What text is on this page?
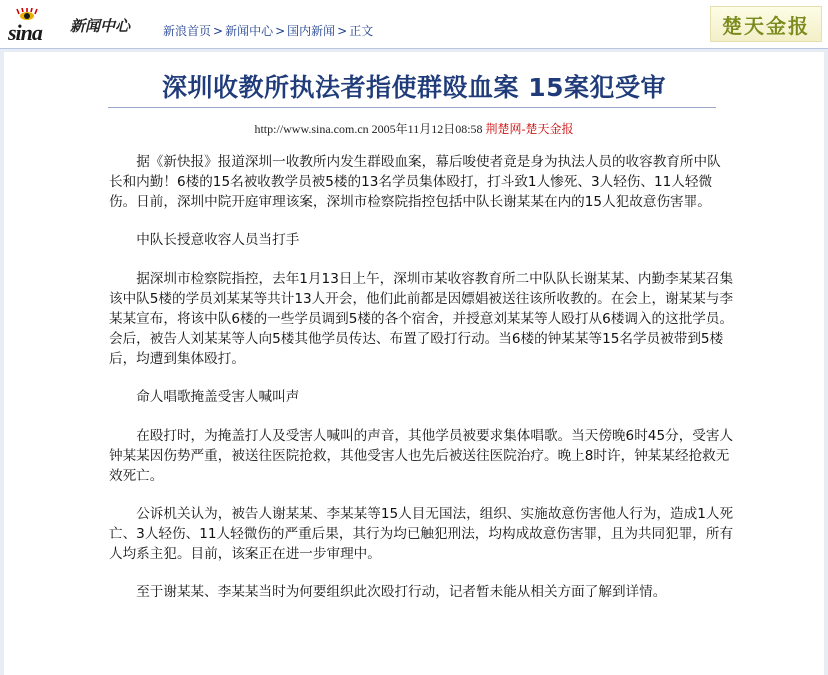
sina 新闻中心	新浪首页 > 新闻中心 > 国内新闻 > 正文	楚天金报
深圳收教所执法者指使群殴血案 15案犯受审
http://www.sina.com.cn 2005年11月12日08:58 荆楚网-楚天金报

据《新快报》报道深圳一收教所内发生群殴血案，幕后唆使者竟是身为执法人员的收容教育所中队长和内勤！6楼的15名被收教学员被5楼的13名学员集体殴打，打斗致1人惨死、3人轻伤、11人轻微伤。日前，深圳中院开庭审理该案，深圳市检察院指控包括中队长谢某某在内的15人犯故意伤害罪。

中队长授意收容人员当打手

据深圳市检察院指控，去年1月13日上午，深圳市某收容教育所二中队队长谢某某、内勤李某某召集该中队5楼的学员刘某某等共计13人开会，他们此前都是因嫖娼被送往该所收教的。在会上，谢某某与李某某宣布，将该中队6楼的一些学员调到5楼的各个宿舍，并授意刘某某等人殴打从6楼调入的这批学员。会后，被告人刘某某等人向5楼其他学员传达、布置了殴打行动。当6楼的钟某某等15名学员被带到5楼后，均遭到集体殴打。

命人唱歌掩盖受害人喊叫声

在殴打时，为掩盖打人及受害人喊叫的声音，其他学员被要求集体唱歌。当天傍晚6时45分，受害人钟某某因伤势严重，被送往医院抢救，其他受害人也先后被送往医院治疗。晚上8时许，钟某某经抢救无效死亡。

公诉机关认为，被告人谢某某、李某某等15人目无国法，组织、实施故意伤害他人行为，造成1人死亡、3人轻伤、11人轻微伤的严重后果，其行为均已触犯刑法，均构成故意伤害罪，且为共同犯罪，所有人均系主犯。目前，该案正在进一步审理中。

至于谢某某、李某某当时为何要组织此次殴打行动，记者暂未能从相关方面了解到详情。
